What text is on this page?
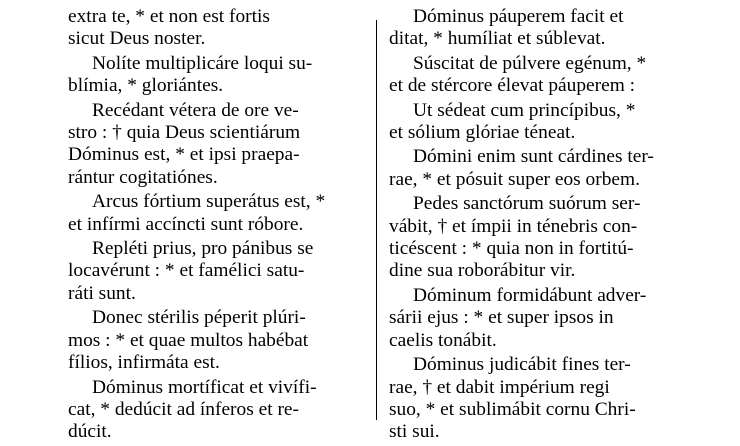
extra te, * et non est fortis
sicut Deus noster.
Nolíte multiplicáre loqui su-
blímia, * gloriántes.
Recédant vétera de ore ve-
stro : † quia Deus scientiárum
Dóminus est, * et ipsi praepa-
rántur cogitatiónes.
Arcus fórtium superátus est, *
et infírmi accíncti sunt róbore.
Repléti prius, pro pánibus se
locavérunt : * et famélici satu-
ráti sunt.
Donec stérilis péperit plúri-
mos : * et quae multos habébat
fílios, infirmáta est.
Dóminus mortíficat et vivífi-
cat, * dedúcit ad ínferos et re-
dúcit.
Dóminus páuperem facit et
ditat, * humíliat et súblevat.
Súscitat de púlvere egénum, *
et de stércore élevat páuperem :
Ut sédeat cum princípibus, *
et sólium glóriae téneat.
Dómini enim sunt cárdines ter-
rae, * et pósuit super eos orbem.
Pedes sanctórum suórum ser-
vábit, † et ímpii in ténebris con-
ticéscent : * quia non in fortitú-
dine sua roborábitur vir.
Dóminum formidábunt adver-
sárii ejus : * et super ipsos in
caelis tonábit.
Dóminus judicábit fines ter-
rae, † et dabit impérium regi
suo, * et sublimábit cornu Chri-
sti sui.
